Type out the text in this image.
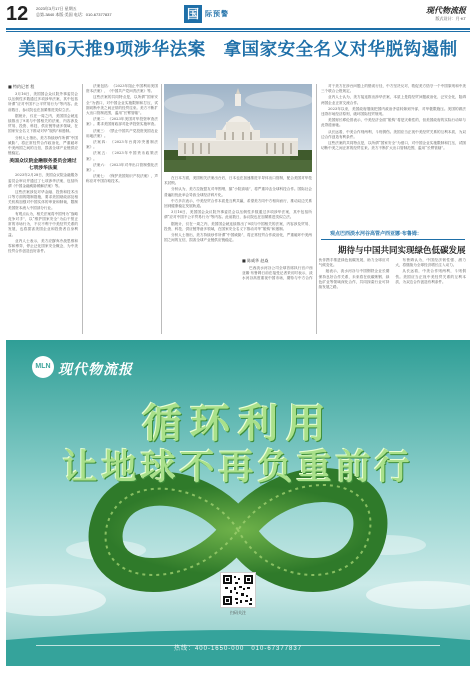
12 2023年3月17日 星期五
总第-3840 本版·美国 电话：010-67377837	国 际预警	现代物流报
版式设计：月·KT
美国6天推9项涉华法案　拿国家安全名义对华脱钩遏制
■ 特约记者 程

3月16日，美国国会众议院外事委员会以压倒性多数通过多项涉华法案，其中包括所谓“应对中国不公平贸易行为”等内容。此前数日，参议院也在加紧推进类似立法。

据统计，仅在一周之内，美国国会就连续推出了9项与中国相关的法案，内容涉及贸易、投资、科技、供应链等诸多领域，在国家安全名义下推动对华“脱钩”和遏制。

分析人士指出，美方持续炒作所谓“中国威胁”，将正常经贸合作政治化，严重破坏中美两国之间的互信，损害全球产业链供应链稳定。

美国众议院金融服务委员会通过七项涉华法案

2023年2月28日，美国众议院金融服务委员会审议并通过了七项涉华法案，包括所谓《中国金融威胁缓解法案》等。

这些法案涉及对华金融、投资和技术出口等方面的限制措施，要求美国财政部及相关机构加强对中国实体的审查和制裁，限制美国资本流入中国部分行业。

有观点认为，相关法案将中国列为“战略竞争对手”，以“维护国家安全”为由干预正常的市场行为，不仅不利于中美经贸关系的发展，也将损害美国企业和投资者自身利益。

业内人士表示，美方应摒弃冷战思维和零和博弈，停止泛化国家安全概念，为中美经贸合作创造良好条件。

法案包括：《2023年阻止中国利用美国资本法案》、《中国共产党问责法案》等。

这些法案的共同特点是，以所谓“国家安全”为借口，对中国企业实施限制和打压，试图切断中美之间正常的经贸往来。美方不断扩大出口管制范围，滥用“长臂管辖”。

法案二：《2023年美国对华投资审查法案》。要求美国财政部对赴华投资实施审查。

法案三：《禁止中国共产党投资美国农业用地法案》。

法案四：《2023年台湾冲突遏制法案》。

法案五：《2023年中国货币政策法案》。

法案六：《2023年对华出口管制强化法案》。

法案七：《保护美国知识产权法案》，声称应对中国窃取技术。

在日本方面，美国相关法案出台后，日本也在加速推进半导体出口管制，配合美国对华技术封锁。

分析认为，美方拉拢盟友对华围堵，搞“小院高墙”，将严重冲击全球科技合作。国际社会普遍担忧此举会导致全球经济碎片化。

中方多次表示，中美经贸合作本质是互利共赢，希望美方同中方相向而行，推动双边关系回到健康稳定发展轨道。

3月16日，美国国会众议院外事委员会以压倒性多数通过多项涉华法案，其中包括所谓“应对中国不公平贸易行为”等内容。此前数日，参议院也在加紧推进类似立法。

据统计，仅在一周之内，美国国会就连续推出了9项与中国相关的法案，内容涉及贸易、投资、科技、供应链等诸多领域，在国家安全名义下推动对华“脱钩”和遏制。

分析人士指出，美方持续炒作所谓“中国威胁”，将正常经贸合作政治化，严重破坏中美两国之间的互信，损害全球产业链供应链稳定。

对于美方在涉台问题上的错误行径，中方坚决反对，敦促美方恪守一个中国原则和中美三个联合公报规定。

业内人士认为，美方接连推出涉华法案，本质上是将经贸问题政治化、泛安全化，阻碍两国企业正常交流合作。

2023年以来，美国政府继续把国内政治矛盾转嫁到外部，对华极限施压。美国的做法违背市场经济原则，破坏国际经贸规则。

美国财长耶伦曾表示，中美经济全面“脱钩”将是灾难性的，但美国政府的实际行动却与此背道而驰。

从长远看，中美合作则两利，斗则俱伤。美国应当正视中美经贸关系的互利本质，为双边合作创造有利条件。

这些法案的共同特点是，以所谓“国家安全”为借口，对中国企业实施限制和打压，试图切断中美之间正常的经贸往来。美方不断扩大出口管制范围，滥用“长臂管辖”。

观点 巴西淡水河谷高管卢西亚娜·布鲁姆：
期待与中国共同实现绿色低碳发展
■ 陈威华 赵焱

巴西淡水河谷公司全球首席执行官卢西亚娜·布鲁姆日前在接受记者采访时表示，淡水河谷高度重视中国市场，期待与中方合作伙伴携手推进绿色低碳发展，助力全球应对气候变化。

她表示，淡水河谷与中国钢铁企业长期保持良好合作关系，未来将在低碳炼钢、绿色矿业等领域深化合作，共同探索行业可持续发展之路。

布鲁姆认为，中国经济韧性强、潜力大，将继续为全球经济增长注入动力。

从长远看，中美合作则两利，斗则俱伤。美国应当正视中美经贸关系的互利本质，为双边合作创造有利条件。

MLN 现代物流报
循环利用
让地球不再负重前行
扫码关注
热线：400-1650-000　010-67377837
